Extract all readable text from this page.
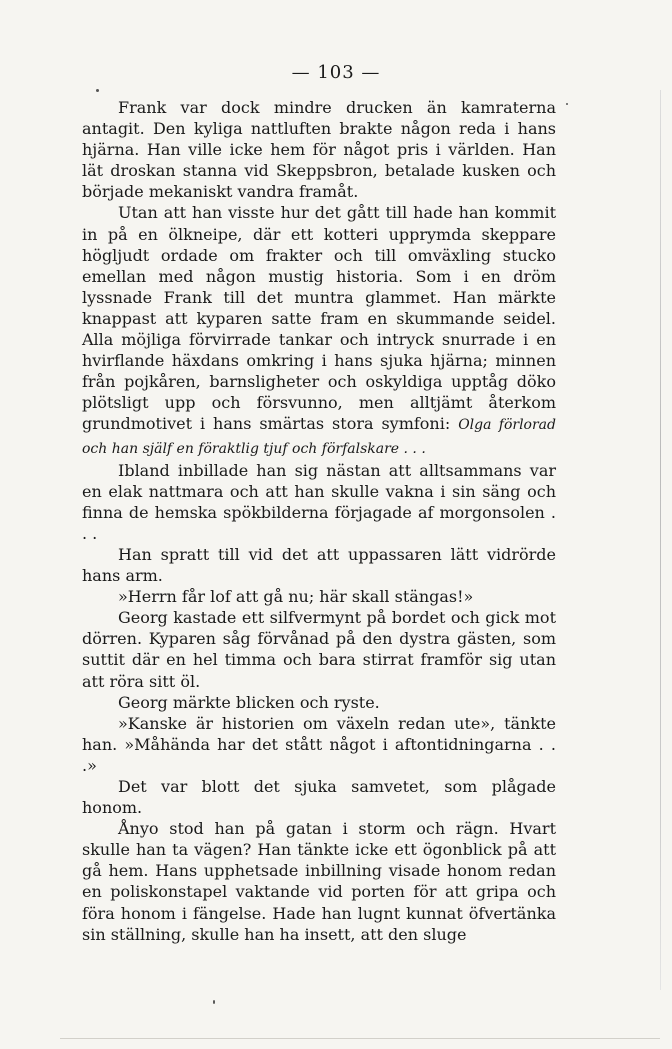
— 103 —

Frank var dock mindre drucken än kamraterna antagit. Den kyliga nattluften brakte någon reda i hans hjärna. Han ville icke hem för något pris i världen. Han lät droskan stanna vid Skeppsbron, betalade kusken och började mekaniskt vandra framåt.

Utan att han visste hur det gått till hade han kommit in på en ölkneipe, där ett kotteri upprymda skeppare högljudt ordade om frakter och till omväxling stucko emellan med någon mustig historia. Som i en dröm lyssnade Frank till det muntra glammet. Han märkte knappast att kyparen satte fram en skummande seidel. Alla möjliga förvirrade tankar och intryck snurrade i en hvirflande häxdans omkring i hans sjuka hjärna; minnen från pojkåren, barnsligheter och oskyldiga upptåg döko plötsligt upp och försvunno, men alltjämt återkom grundmotivet i hans smärtas stora symfoni: Olga förlorad och han själf en föraktlig tjuf och förfalskare . . .

Ibland inbillade han sig nästan att alltsammans var en elak nattmara och att han skulle vakna i sin säng och finna de hemska spökbilderna förjagade af morgonsolen . . .

Han spratt till vid det att uppassaren lätt vidrörde hans arm.

»Herrn får lof att gå nu; här skall stängas!»

Georg kastade ett silfvermynt på bordet och gick mot dörren. Kyparen såg förvånad på den dystra gästen, som suttit där en hel timma och bara stirrat framför sig utan att röra sitt öl.

Georg märkte blicken och ryste.

»Kanske är historien om växeln redan ute», tänkte han. »Måhända har det stått något i aftontidningarna . . .»

Det var blott det sjuka samvetet, som plågade honom.

Ånyo stod han på gatan i storm och rägn. Hvart skulle han ta vägen? Han tänkte icke ett ögonblick på att gå hem. Hans upphetsade inbillning visade honom redan en poliskonstapel vaktande vid porten för att gripa och föra honom i fängelse. Hade han lugnt kunnat öfvertänka sin ställning, skulle han ha insett, att den sluge
